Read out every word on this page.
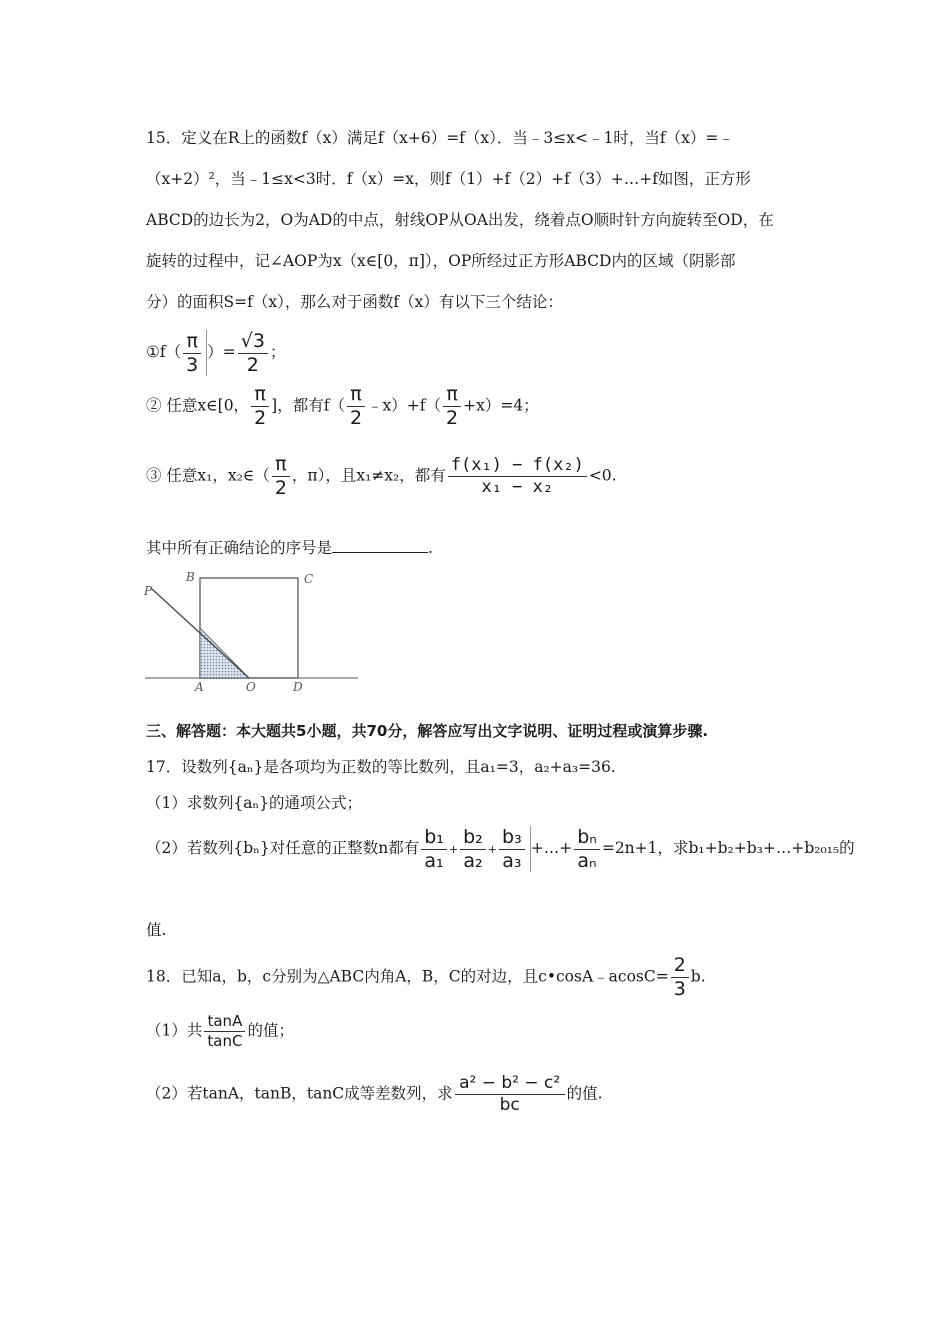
15．定义在R上的函数f（x）满足f（x+6）=f（x）．当﹣3≤x<﹣1时，当f（x）=﹣
（x+2）²，当﹣1≤x<3时．f（x）=x，则f（1）+f（2）+f（3）+…+f如图，正方形
ABCD的边长为2，O为AD的中点，射线OP从OA出发，绕着点O顺时针方向旋转至OD，在
旋转的过程中，记∠AOP为x（x∈[0，π]），OP所经过正方形ABCD内的区域（阴影部
分）的面积S=f（x），那么对于函数f（x）有以下三个结论：
①f（ $\frac{\pi}{3}$ ）= $\frac{√3}{2}$ ；
② 任意x∈[0， $\frac{\pi}{2}$ ]，都有$f( \frac{\pi}{2}$ ﹣x）+f（ $\frac{\pi}{2} +x)=4$；
③ 任意x₁，x₂∈（ $\frac{\pi}{2}$ ，π），且x₁≠x₂，都有 $\frac{\text{f(x₁) − f(x₂)}}{\text{x₁ − x₂}} <0$.
其中所有正确结论的序号是	.
B	C
P
A	O	D
三、解答题：本大题共5小题，共70分，解答应写出文字说明、证明过程或演算步骤.
17．设数列{aₙ}是各项均为正数的等比数列，且a₁=3，a₂+a₃=36.
（1）求数列{aₙ}的通项公式；
（2）若数列{bₙ}对任意的正整数n都有 $\frac{\text{b₁}}{\text{a₁}} + \frac{\text{b₂}}{\text{a₂}} + \frac{\text{b₃}}{\text{a₃}}$ +…+ $\frac{\text{bₙ}}{\text{aₙ}} =2n+1$，求b₁+b₂+b₃+…+b₂₀₁₅的
值.
18．已知a，b，c分别为△ABC内角A，B，C的对边，且c•cosA﹣acosC= $\frac{2}{3} b$.
（1）共 $\frac{\tan A}{\tan C}$ 的值；
（2）若tanA，tanB，tanC成等差数列，求 $\frac{\text{a² − b² − c²}}{bc}$ 的值.
